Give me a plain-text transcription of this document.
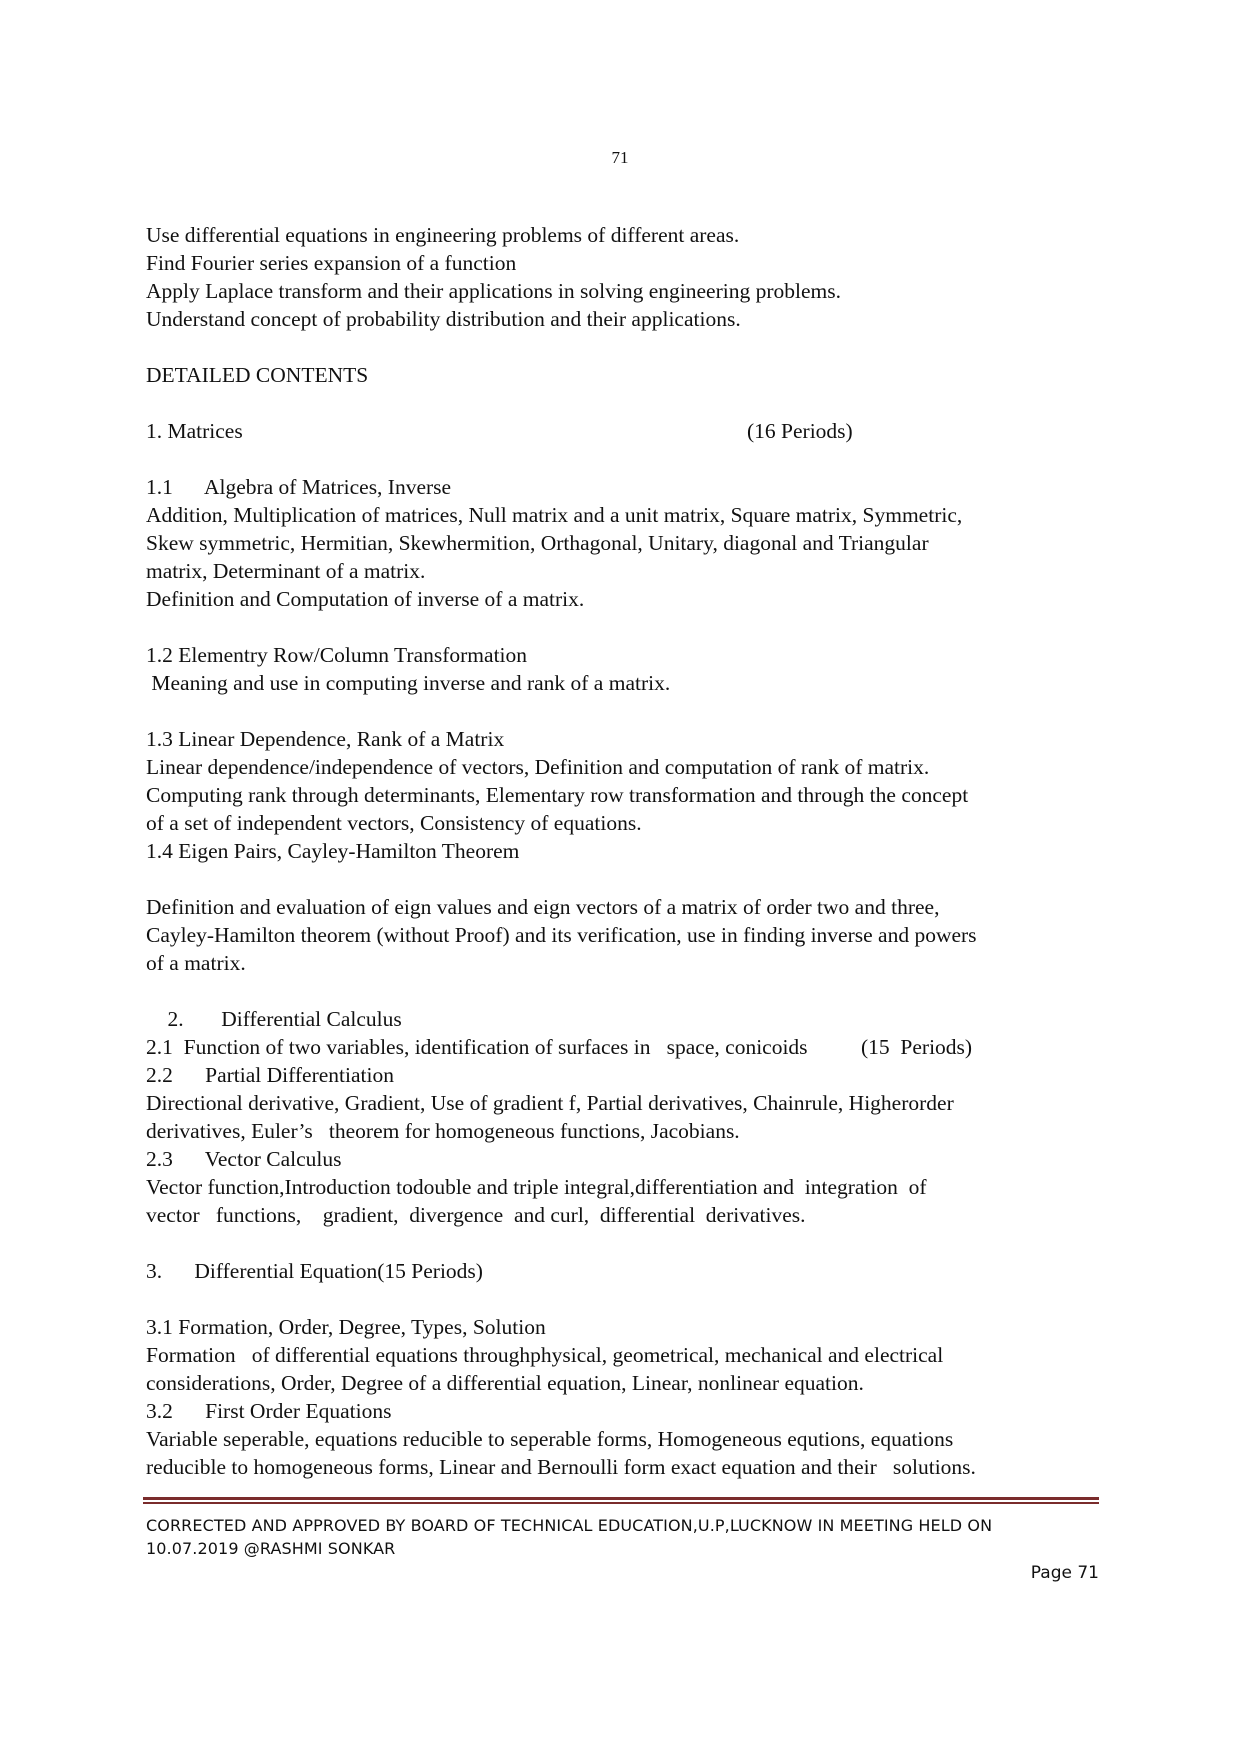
71
Use differential equations in engineering problems of different areas.
Find Fourier series expansion of a function
Apply Laplace transform and their applications in solving engineering problems.
Understand concept of probability distribution and their applications.
DETAILED CONTENTS
1. Matrices	(16 Periods)
1.1      Algebra of Matrices, Inverse
Addition, Multiplication of matrices, Null matrix and a unit matrix, Square matrix, Symmetric,
Skew symmetric, Hermitian, Skewhermition, Orthagonal, Unitary, diagonal and Triangular
matrix, Determinant of a matrix.
Definition and Computation of inverse of a matrix.
1.2 Elementry Row/Column Transformation
Meaning and use in computing inverse and rank of a matrix.
1.3 Linear Dependence, Rank of a Matrix
Linear dependence/independence of vectors, Definition and computation of rank of matrix.
Computing rank through determinants, Elementary row transformation and through the concept
of a set of independent vectors, Consistency of equations.
1.4 Eigen Pairs, Cayley-Hamilton Theorem
Definition and evaluation of eign values and eign vectors of a matrix of order two and three,
Cayley-Hamilton theorem (without Proof) and its verification, use in finding inverse and powers
of a matrix.

2.       Differential Calculus

(15  Periods)

2.1  Function of two variables, identification of surfaces in   space, conicoids
2.2      Partial Differentiation
Directional derivative, Gradient, Use of gradient f, Partial derivatives, Chainrule, Higherorder
derivatives, Euler’s   theorem for homogeneous functions, Jacobians.
2.3      Vector Calculus
Vector function,Introduction todouble and triple integral,differentiation and  integration  of
vector   functions,    gradient,  divergence  and curl,  differential  derivatives.
3.      Differential Equation(15 Periods)
3.1 Formation, Order, Degree, Types, Solution
Formation   of differential equations throughphysical, geometrical, mechanical and electrical
considerations, Order, Degree of a differential equation, Linear, nonlinear equation.
3.2      First Order Equations
Variable seperable, equations reducible to seperable forms, Homogeneous equtions, equations
reducible to homogeneous forms, Linear and Bernoulli form exact equation and their   solutions.
CORRECTED AND APPROVED BY BOARD OF TECHNICAL EDUCATION,U.P,LUCKNOW IN MEETING HELD ON
10.07.2019 @RASHMI SONKAR
Page 71
